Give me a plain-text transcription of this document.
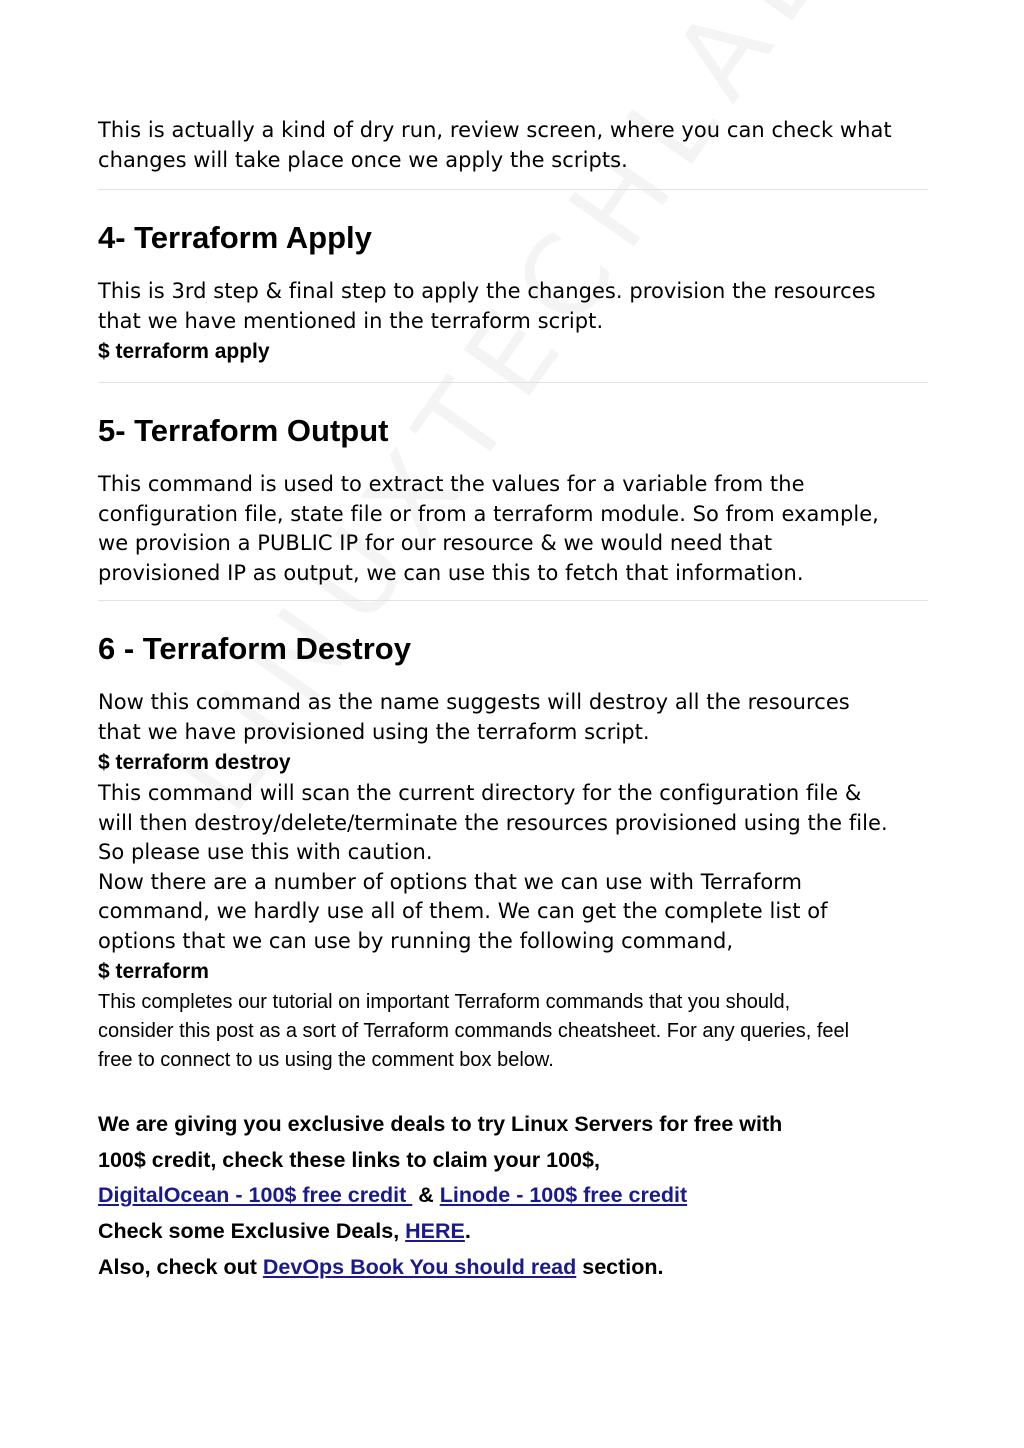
This is actually a kind of dry run, review screen, where you can check what
changes will take place once we apply the scripts.

4- Terraform Apply

This is 3rd step & final step to apply the changes. provision the resources
that we have mentioned in the terraform script.

$ terraform apply

5- Terraform Output

This command is used to extract the values for a variable from the
configuration file, state file or from a terraform module. So from example,
we provision a PUBLIC IP for our resource & we would need that
provisioned IP as output, we can use this to fetch that information.

6 - Terraform Destroy

Now this command as the name suggests will destroy all the resources
that we have provisioned using the terraform script.

$ terraform destroy

This command will scan the current directory for the configuration file &
will then destroy/delete/terminate the resources provisioned using the file.
So please use this with caution.
Now there are a number of options that we can use with Terraform
command, we hardly use all of them. We can get the complete list of
options that we can use by running the following command,

$ terraform

This completes our tutorial on important Terraform commands that you should,
consider this post as a sort of Terraform commands cheatsheet. For any queries, feel
free to connect to us using the comment box below.

We are giving you exclusive deals to try Linux Servers for free with
100$ credit, check these links to claim your 100$,
DigitalOcean - 100$ free credit  & Linode - 100$ free credit
Check some Exclusive Deals, HERE.
Also, check out DevOps Book You should read section.
